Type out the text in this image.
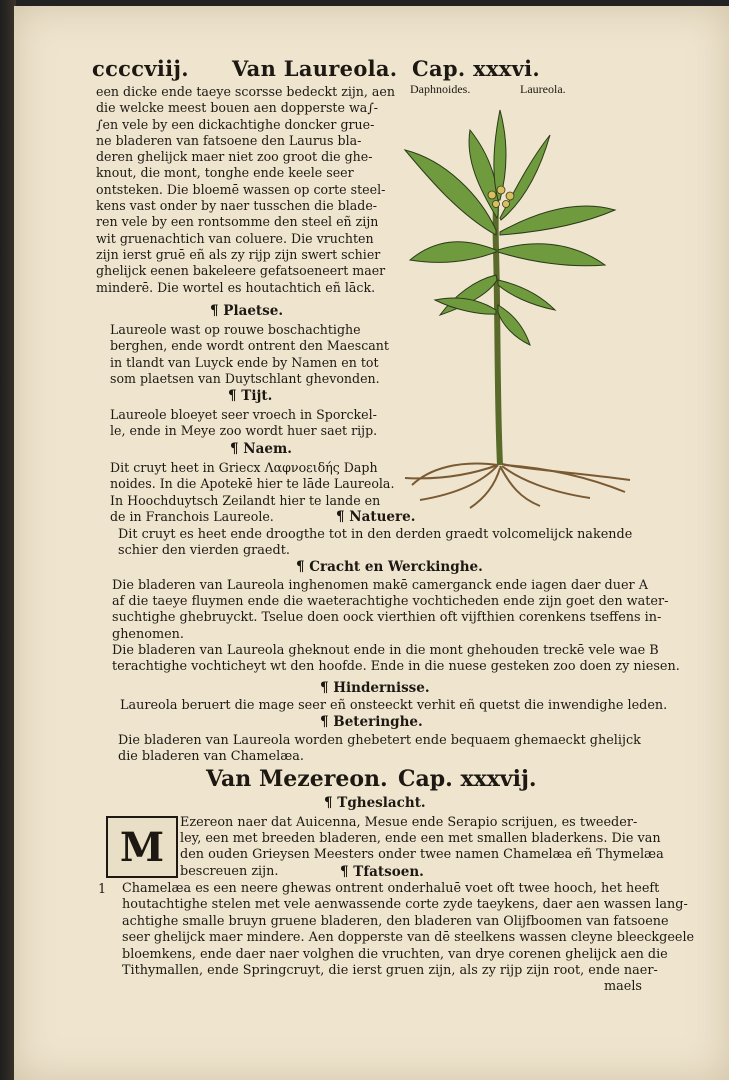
ccccviij. Van Laureola. Cap. xxxvi.
Daphnoides.	Laureola.
een dicke ende taeye scorsse bedeckt zijn, aen
die welcke meest bouen aen dopperste wa∫-
∫en vele by een dickachtighe doncker grue-
ne bladeren van fatsoene den Laurus bla-
deren ghelijck maer niet zoo groot die ghe-
knout, die mont, tonghe ende keele seer
ontsteken. Die bloemē wassen op corte steel-
kens vast onder by naer tusschen die blade-
ren vele by een rontsomme den steel eñ zijn
wit gruenachtich van coluere. Die vruchten
zijn ierst gruē eñ als zy rijp zijn swert schier
ghelijck eenen bakeleere gefatsoeneert maer
minderē. Die wortel es houtachtich eñ lāck.
¶ Plaetse.
Laureole wast op rouwe boschachtighe
berghen, ende wordt ontrent den Maescant
in tlandt van Luyck ende by Namen en tot
som plaetsen van Duytschlant ghevonden.
¶ Tijt.
Laureole bloeyet seer vroech in Sporckel-
le, ende in Meye zoo wordt huer saet rijp.
¶ Naem.
Dit cruyt heet in Griecx Λαφνοειδής Daph
noides. In die Apotekē hier te lāde Laureola.
In Hoochduytsch Zeilandt hier te lande en
de in Franchois Laureole.	¶ Natuere.
Dit cruyt es heet ende droogthe tot in den derden graedt volcomelijck nakende
schier den vierden graedt.
¶ Cracht en Werckinghe.
Die bladeren van Laureola inghenomen makē camerganck ende iagen daer duer A
af die taeye fluymen ende die waeterachtighe vochticheden ende zijn goet den water-
suchtighe ghebruyckt. Tselue doen oock vierthien oft vijfthien corenkens tseffens in-
ghenomen.
Die bladeren van Laureola gheknout ende in die mont ghehouden treckē vele wae B
terachtighe vochticheyt wt den hoofde. Ende in die nuese gesteken zoo doen zy niesen.
¶ Hindernisse.
Laureola beruert die mage seer eñ onsteeckt verhit eñ quetst die inwendighe leden.
¶ Beteringhe.
Die bladeren van Laureola worden ghebetert ende bequaem ghemaeckt ghelijck
die bladeren van Chamelæa.
Van Mezereon. Cap. xxxvij.
¶ Tgheslacht.
M
Ezereon naer dat Auicenna, Mesue ende Serapio scrijuen, es tweeder-
ley, een met breeden bladeren, ende een met smallen bladerkens. Die van
den ouden Grieysen Meesters onder twee namen Chamelæa eñ Thymelæa
bescreuen zijn.	¶ Tfatsoen.
1 Chamelæa es een neere ghewas ontrent onderhaluē voet oft twee hooch, het heeft
houtachtighe stelen met vele aenwassende corte zyde taeykens, daer aen wassen lang-
achtighe smalle bruyn gruene bladeren, den bladeren van Olijfboomen van fatsoene
seer ghelijck maer mindere. Aen dopperste van dē steelkens wassen cleyne bleeckgeele
bloemkens, ende daer naer volghen die vruchten, van drye corenen ghelijck aen die
Tithymallen, ende Springcruyt, die ierst gruen zijn, als zy rijp zijn root, ende naer-
maels
